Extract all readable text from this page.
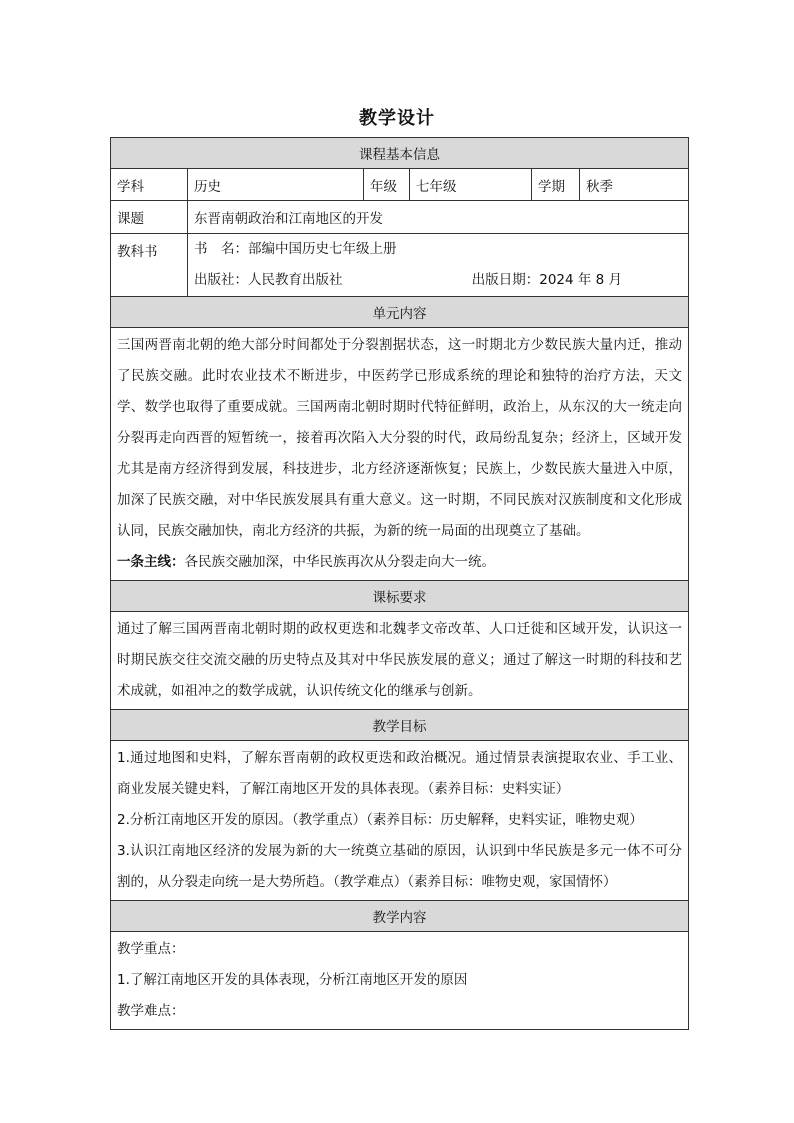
教学设计
课程基本信息					
学科	历史	年级	七年级	学期	秋季
课题	东晋南朝政治和江南地区的开发				
教科书	书　名：部编中国历史七年级上册
出版社：人民教育出版社 出版日期：2024 年 8 月				

单元内容					
三国两晋南北朝的绝大部分时间都处于分裂割据状态，这一时期北方少数民族大量内迁，推动了民族交融。此时农业技术不断进步，中医药学已形成系统的理论和独特的治疗方法，天文学、数学也取得了重要成就。三国两南北朝时期时代特征鲜明，政治上，从东汉的大一统走向分裂再走向西晋的短暂统一，接着再次陷入大分裂的时代，政局纷乱复杂；经济上，区域开发尤其是南方经济得到发展，科技进步，北方经济逐渐恢复；民族上，少数民族大量进入中原，加深了民族交融，对中华民族发展具有重大意义。这一时期，不同民族对汉族制度和文化形成认同，民族交融加快，南北方经济的共振，为新的统一局面的出现奠立了基础。
一条主线：各民族交融加深，中华民族再次从分裂走向大一统。					
课标要求					
通过了解三国两晋南北朝时期的政权更迭和北魏孝文帝改革、人口迁徙和区域开发，认识这一时期民族交往交流交融的历史特点及其对中华民族发展的意义；通过了解这一时期的科技和艺术成就，如祖冲之的数学成就，认识传统文化的继承与创新。					
教学目标					

1.通过地图和史料，了解东晋南朝的政权更迭和政治概况。通过情景表演提取农业、手工业、商业发展关键史料，了解江南地区开发的具体表现。（素养目标：史料实证）
2.分析江南地区开发的原因。（教学重点）（素养目标：历史解释，史料实证，唯物史观）
3.认识江南地区经济的发展为新的大一统奠立基础的原因，认识到中华民族是多元一体不可分割的，从分裂走向统一是大势所趋。（教学难点）（素养目标：唯物史观，家国情怀）					

教学内容					

教学重点：
1.了解江南地区开发的具体表现，分析江南地区开发的原因
教学难点：					
